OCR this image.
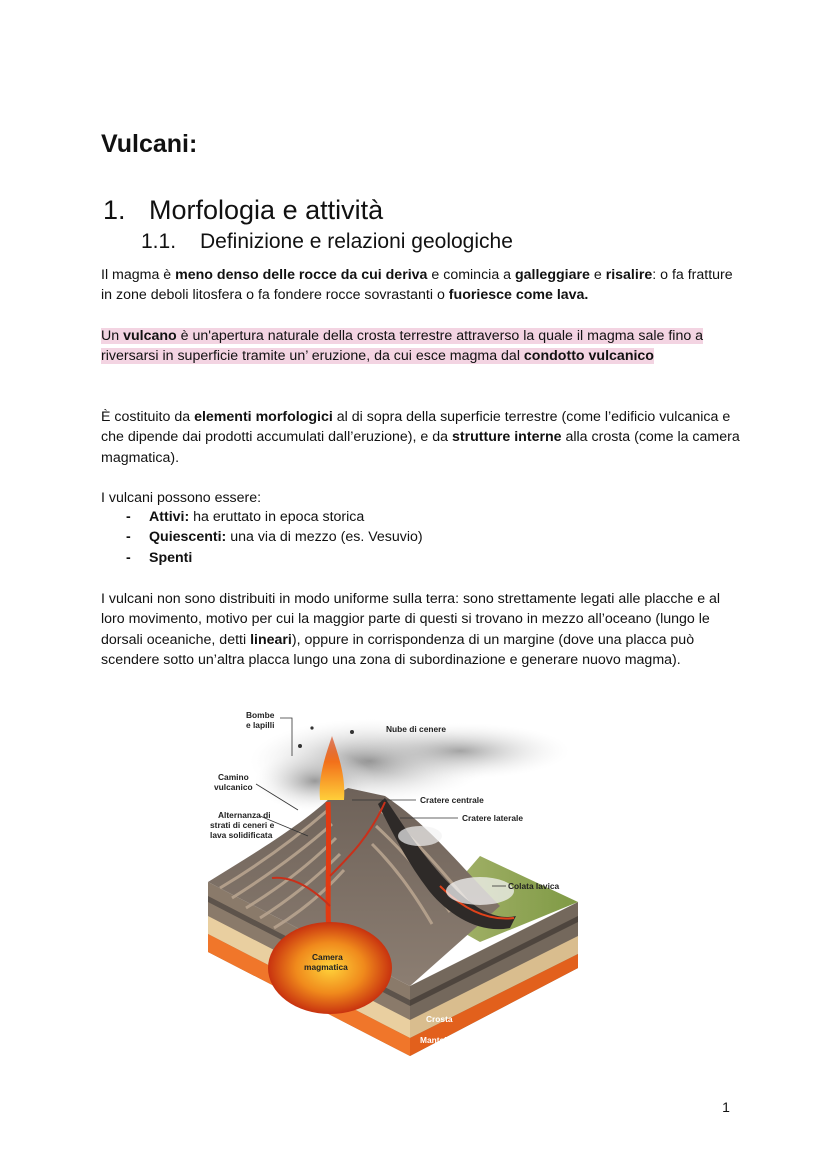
Vulcani:
1. Morfologia e attività
1.1. Definizione e relazioni geologiche

Il magma è meno denso delle rocce da cui deriva e comincia a galleggiare e risalire: o fa fratture in zone deboli litosfera o fa fondere rocce sovrastanti o fuoriesce come lava.

Un vulcano è un'apertura naturale della crosta terrestre attraverso la quale il magma sale fino a riversarsi in superficie tramite un’ eruzione, da cui esce magma dal condotto vulcanico

È costituito da elementi morfologici al di sopra della superficie terrestre (come l’edificio vulcanica e che dipende dai prodotti accumulati dall’eruzione), e da strutture interne alla crosta (come la camera magmatica).

I vulcani possono essere:

- Attivi: ha eruttato in epoca storica
- Quiescenti: una via di mezzo (es. Vesuvio)
- Spenti

I vulcani non sono distribuiti in modo uniforme sulla terra: sono strettamente legati alle placche e al loro movimento, motivo per cui la maggior parte di questi si trovano in mezzo all’oceano (lungo le dorsali oceaniche, detti lineari), oppure in corrispondenza di un margine (dove una placca può scendere sotto un’altra placca lungo una zona di subordinazione e generare nuovo magma).

Bombe
e lapilli	Nube di cenere
Camino
vulcanico
Alternanza di
strati di ceneri e
lava solidificata
Cratere centrale
Cratere laterale
Colata lavica
Camera
magmatica
Crosta
Mantello
1
